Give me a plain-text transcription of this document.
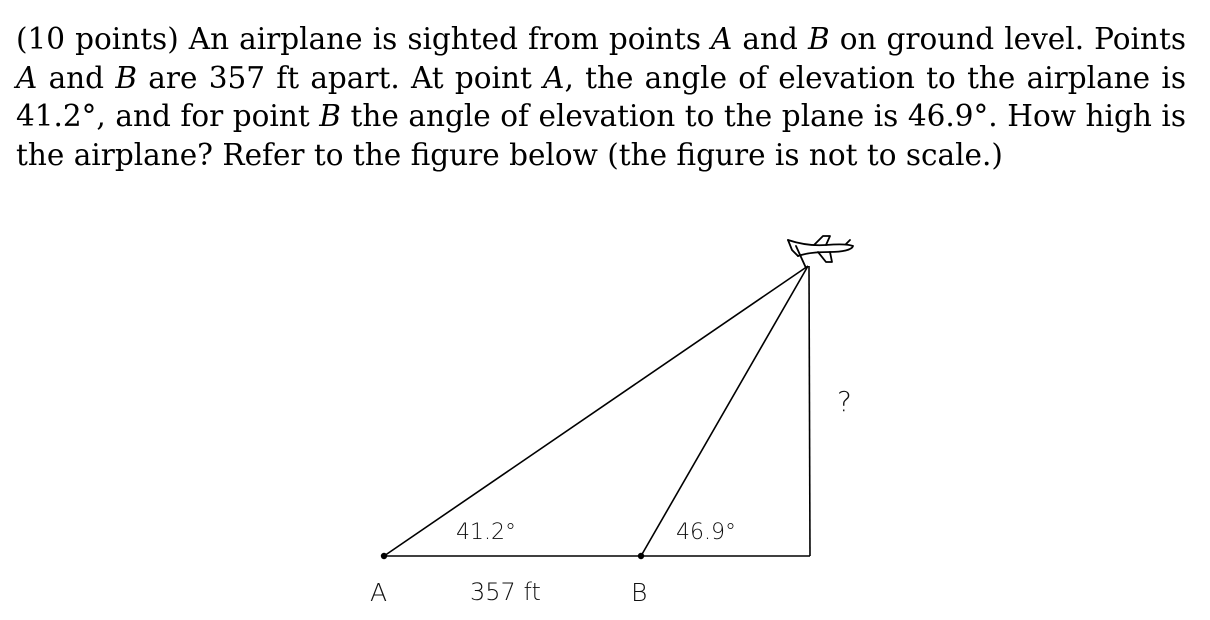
(10 points) An airplane is sighted from points A and B on ground level. Points A and B are 357 ft apart. At point A, the angle of elevation to the airplane is 41.2°, and for point B the angle of elevation to the plane is 46.9°. How high is the airplane? Refer to the figure below (the figure is not to scale.)

A	357 ft	B
41.2°	46.9°
?
